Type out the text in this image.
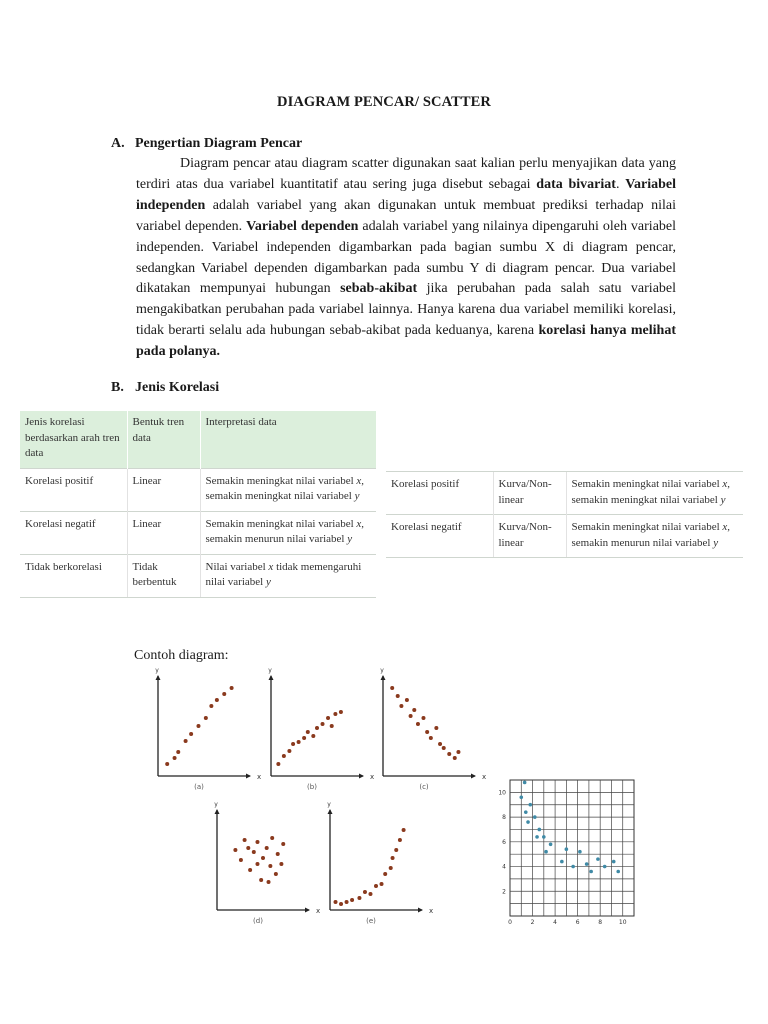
DIAGRAM PENCAR/ SCATTER
A. Pengertian Diagram Pencar
Diagram pencar atau diagram scatter digunakan saat kalian perlu menyajikan data yang terdiri atas dua variabel kuantitatif atau sering juga disebut sebagai data bivariat. Variabel independen adalah variabel yang akan digunakan untuk membuat prediksi terhadap nilai variabel dependen. Variabel dependen adalah variabel yang nilainya dipengaruhi oleh variabel independen. Variabel independen digambarkan pada bagian sumbu X di diagram pencar, sedangkan Variabel dependen digambarkan pada sumbu Y di diagram pencar. Dua variabel dikatakan mempunyai hubungan sebab-akibat jika perubahan pada salah satu variabel mengakibatkan perubahan pada variabel lainnya. Hanya karena dua variabel memiliki korelasi, tidak berarti selalu ada hubungan sebab-akibat pada keduanya, karena korelasi hanya melihat pada polanya.
B. Jenis Korelasi
Jenis korelasi berdasarkan arah tren data	Bentuk tren data	Interpretasi data
Korelasi positif	Linear	Semakin meningkat nilai variabel x, semakin meningkat nilai variabel y
Korelasi negatif	Linear	Semakin meningkat nilai variabel x, semakin menurun nilai variabel y
Tidak berkorelasi	Tidak berbentuk	Nilai variabel x tidak memengaruhi nilai variabel y
Korelasi positif	Kurva/Non-linear	Semakin meningkat nilai variabel x, semakin meningkat nilai variabel y
Korelasi negatif	Kurva/Non-linear	Semakin meningkat nilai variabel x, semakin menurun nilai variabel y
Contoh diagram:
y
x
(a)
y
x
(b)
y
x
(c)
y
x
(d)
y
x
(e)	0	2	4	6	8	10
2
4
6
8
10
